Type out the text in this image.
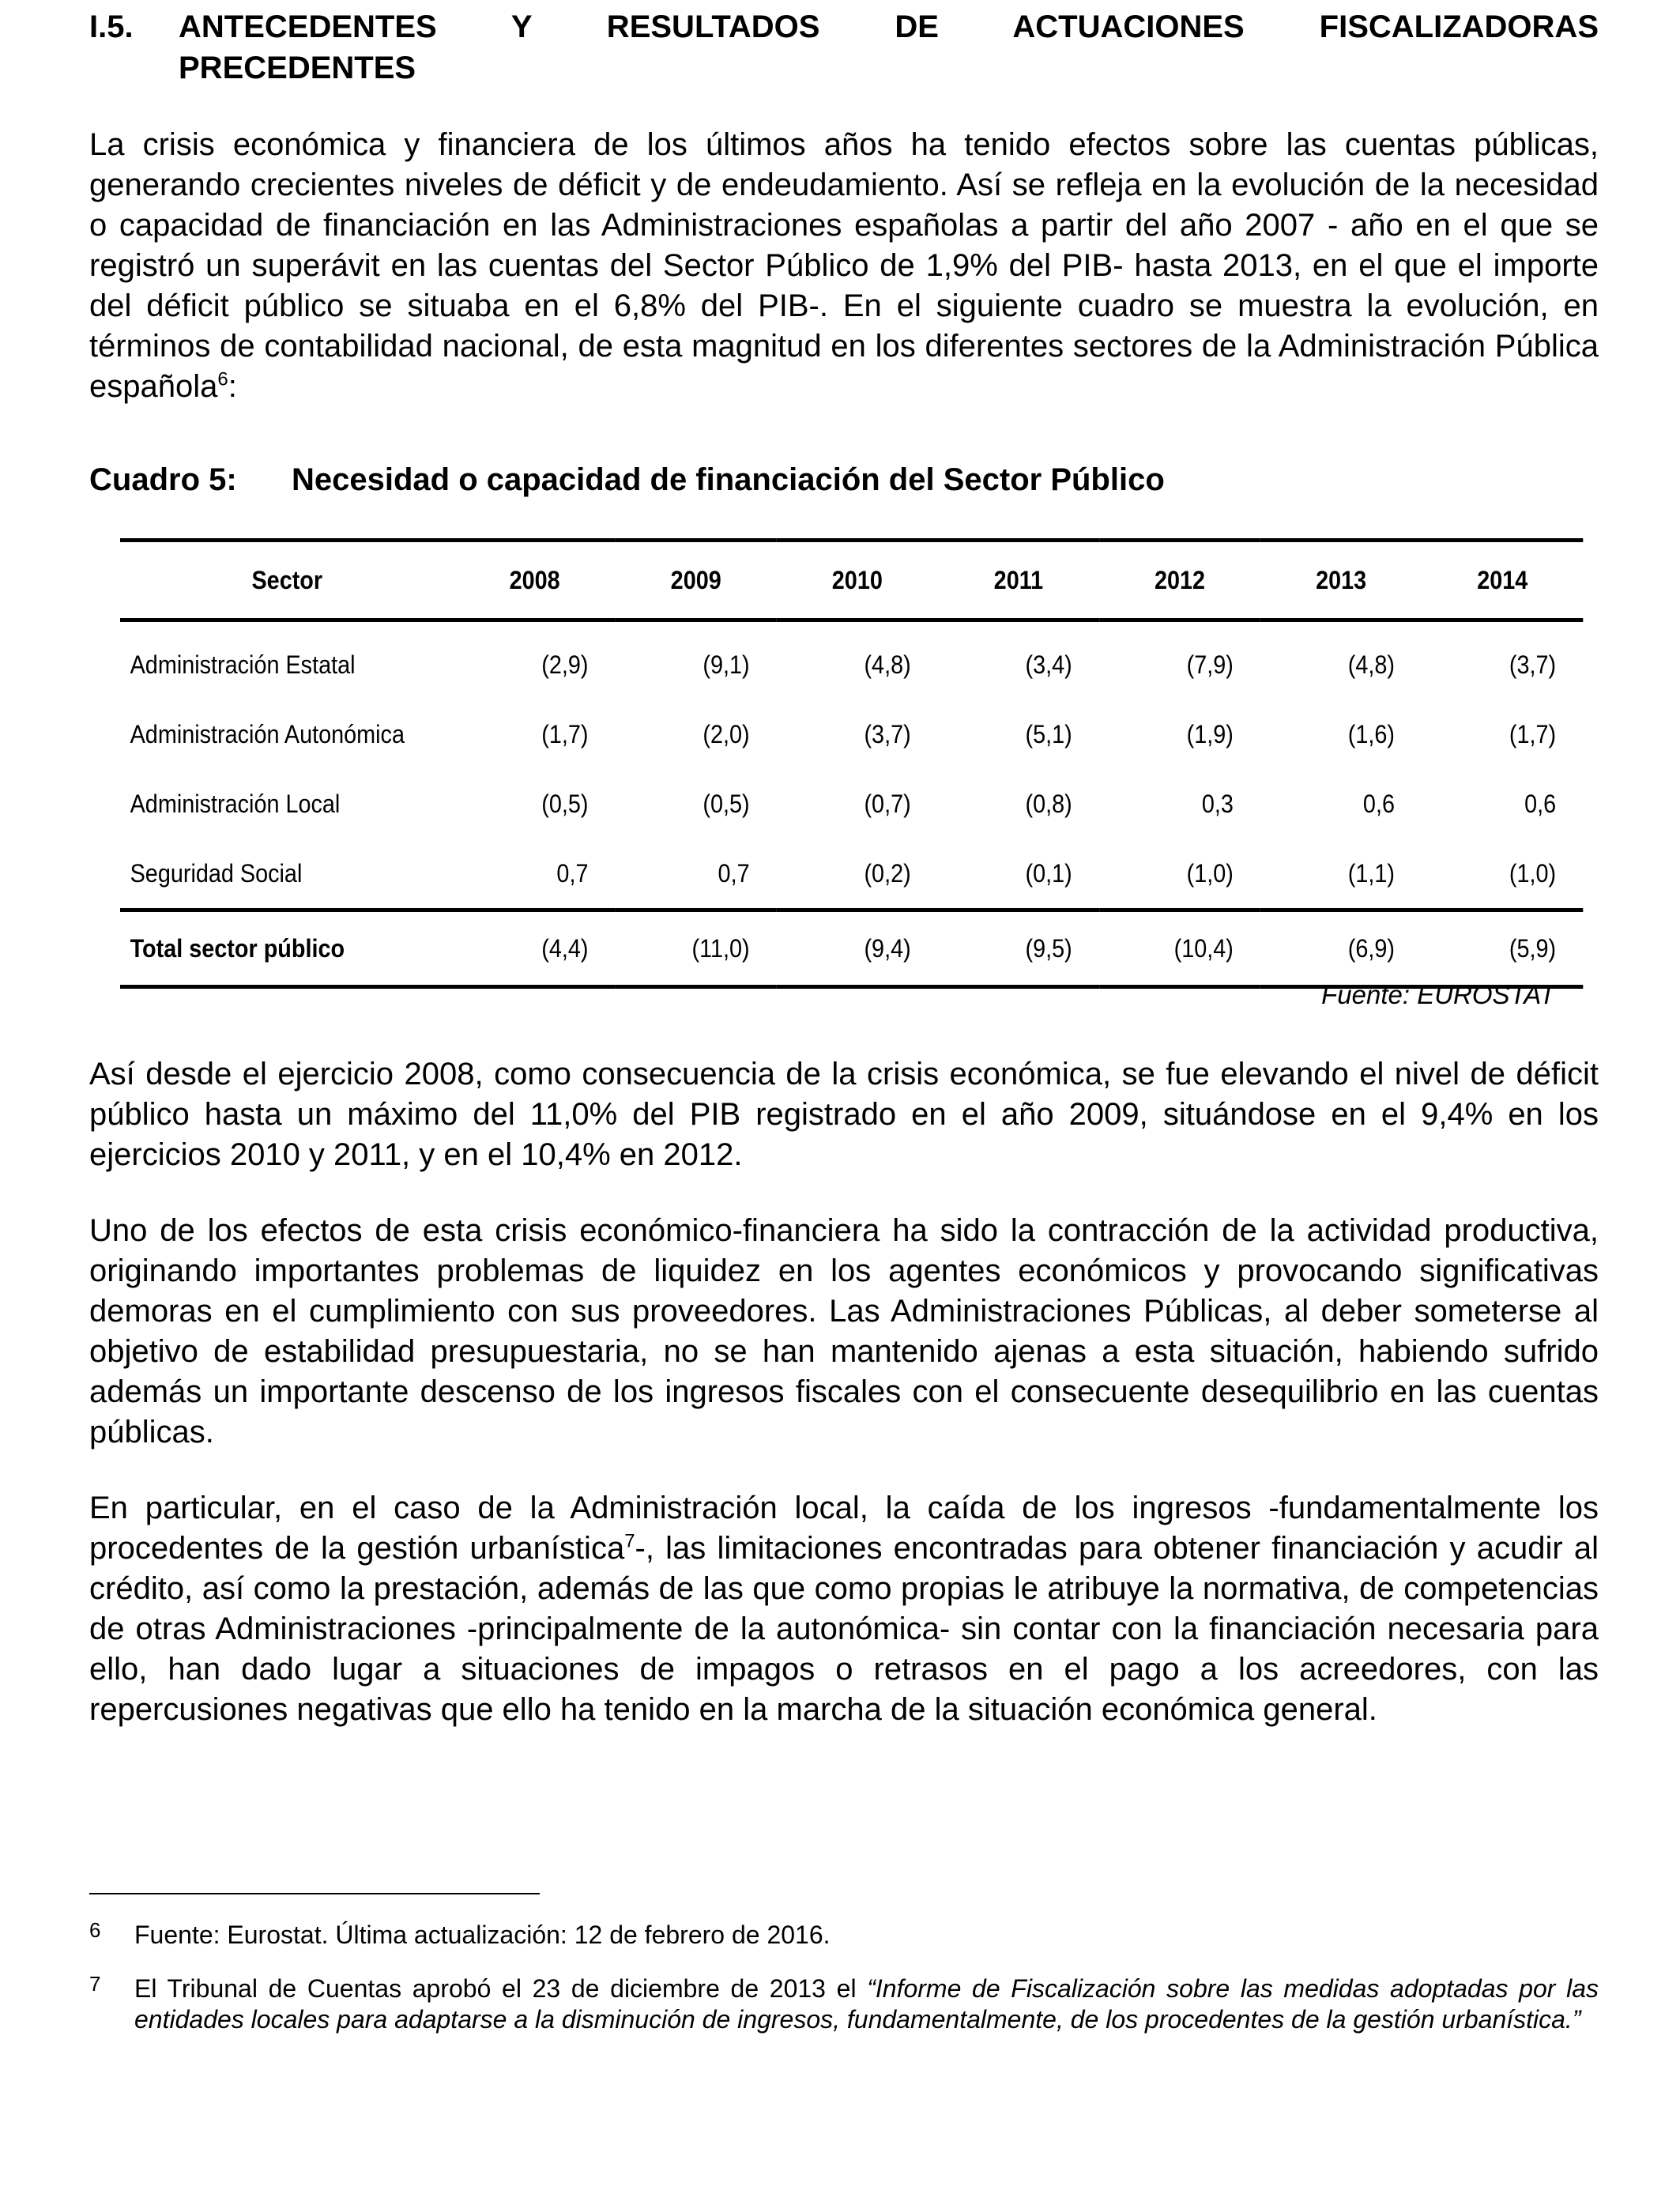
I.5. ANTECEDENTES Y RESULTADOS DE ACTUACIONES FISCALIZADORAS
PRECEDENTES

La crisis económica y financiera de los últimos años ha tenido efectos sobre las cuentas públicas, generando crecientes niveles de déficit y de endeudamiento. Así se refleja en la evolución de la necesidad o capacidad de financiación en las Administraciones españolas a partir del año 2007 - año en el que se registró un superávit en las cuentas del Sector Público de 1,9% del PIB- hasta 2013, en el que el importe del déficit público se situaba en el 6,8% del PIB-. En el siguiente cuadro se muestra la evolución, en términos de contabilidad nacional, de esta magnitud en los diferentes sectores de la Administración Pública española$^6$:

Cuadro 5: Necesidad o capacidad de financiación del Sector Público
Sector	2008	2009	2010	2011	2012	2013	2014
Administración Estatal	(2,9)	(9,1)	(4,8)	(3,4)	(7,9)	(4,8)	(3,7)
Administración Autonómica	(1,7)	(2,0)	(3,7)	(5,1)	(1,9)	(1,6)	(1,7)
Administración Local	(0,5)	(0,5)	(0,7)	(0,8)	0,3	0,6	0,6
Seguridad Social	0,7	0,7	(0,2)	(0,1)	(1,0)	(1,1)	(1,0)
Total sector público	(4,4)	(11,0)	(9,4)	(9,5)	(10,4)	(6,9)	(5,9)
Fuente: EUROSTAT

Así desde el ejercicio 2008, como consecuencia de la crisis económica, se fue elevando el nivel de déficit público hasta un máximo del 11,0% del PIB registrado en el año 2009, situándose en el 9,4% en los ejercicios 2010 y 2011, y en el 10,4% en 2012.

Uno de los efectos de esta crisis económico-financiera ha sido la contracción de la actividad productiva, originando importantes problemas de liquidez en los agentes económicos y provocando significativas demoras en el cumplimiento con sus proveedores. Las Administraciones Públicas, al deber someterse al objetivo de estabilidad presupuestaria, no se han mantenido ajenas a esta situación, habiendo sufrido además un importante descenso de los ingresos fiscales con el consecuente desequilibrio en las cuentas públicas.

En particular, en el caso de la Administración local, la caída de los ingresos -fundamentalmente los procedentes de la gestión urbanística$^7$-, las limitaciones encontradas para obtener financiación y acudir al crédito, así como la prestación, además de las que como propias le atribuye la normativa, de competencias de otras Administraciones -principalmente de la autonómica- sin contar con la financiación necesaria para ello, han dado lugar a situaciones de impagos o retrasos en el pago a los acreedores, con las repercusiones negativas que ello ha tenido en la marcha de la situación económica general.

6 Fuente: Eurostat. Última actualización: 12 de febrero de 2016.
7 El Tribunal de Cuentas aprobó el 23 de diciembre de 2013 el “Informe de Fiscalización sobre las medidas adoptadas por las entidades locales para adaptarse a la disminución de ingresos, fundamentalmente, de los procedentes de la gestión urbanística.”
